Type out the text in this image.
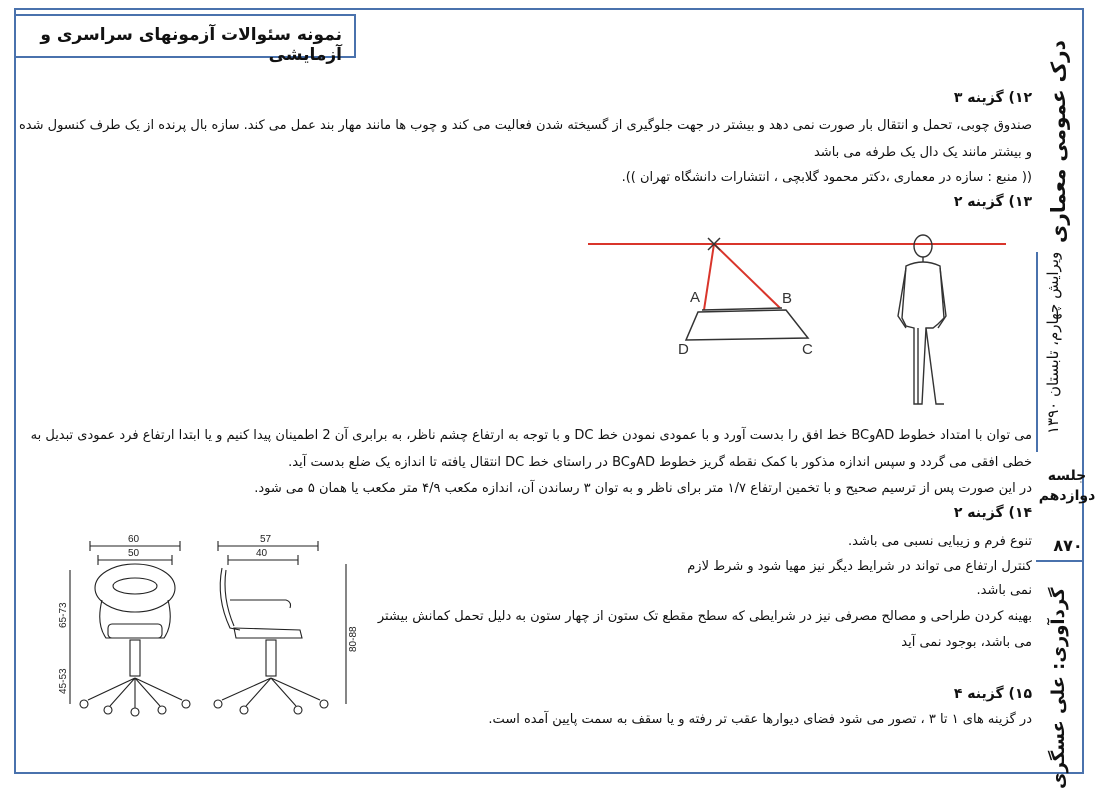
نمونه سئوالات آزمونهای سراسری و آزمایشی	درک عمومی معماری
ویرایش چهارم، تابستان ۱۳۹۰
جلسه
دوازدهم
۸۷۰
گردآوری: علی عسگری
۱۲) گزینه ۳
صندوق چوبی، تحمل و انتقال بار صورت نمی دهد و بیشتر در جهت جلوگیری از گسیخته شدن فعالیت می کند و چوب ها مانند مهار بند عمل می کند. سازه بال پرنده از یک طرف کنسول شده
و بیشتر مانند یک دال یک طرفه می باشد
(( منبع : سازه در معماری ،دکتر محمود گلابچی ، انتشارات دانشگاه تهران )).
۱۳) گزینه ۲
A	B
C
D
می توان با امتداد خطوط ADوBC خط افق را بدست آورد و با عمودی نمودن خط DC و با توجه به ارتفاع چشم ناظر، به برابری آن 2 اطمینان پیدا کنیم و یا ابتدا ارتفاع فرد عمودی تبدیل به
خطی افقی می گردد و سپس اندازه مذکور با کمک نقطه گریز خطوط ADوBC در راستای خط DC انتقال یافته تا اندازه یک ضلع بدست آید.
در این صورت پس از ترسیم صحیح و با تخمین ارتفاع ۱/۷ متر برای ناظر و به توان ۳ رساندن آن، اندازه مکعب ۴/۹ متر مکعب یا همان ۵ می شود.
۱۴) گزینه ۲
تنوع فرم و زیبایی نسبی می باشد.
کنترل ارتفاع می تواند در شرایط دیگر نیز مهیا شود و شرط لازم
نمی باشد.
بهینه کردن طراحی و مصالح مصرفی نیز در شرایطی که سطح مقطع تک ستون از چهار ستون به دلیل تحمل کمانش بیشتر
می باشد، بوجود نمی آید
60
50
57
40
65-73
45-53
80-88
۱۵) گزینه ۴
در گزینه های ۱ تا ۳ ، تصور می شود فضای دیوارها عقب تر رفته و یا سقف به سمت پایین آمده است.
